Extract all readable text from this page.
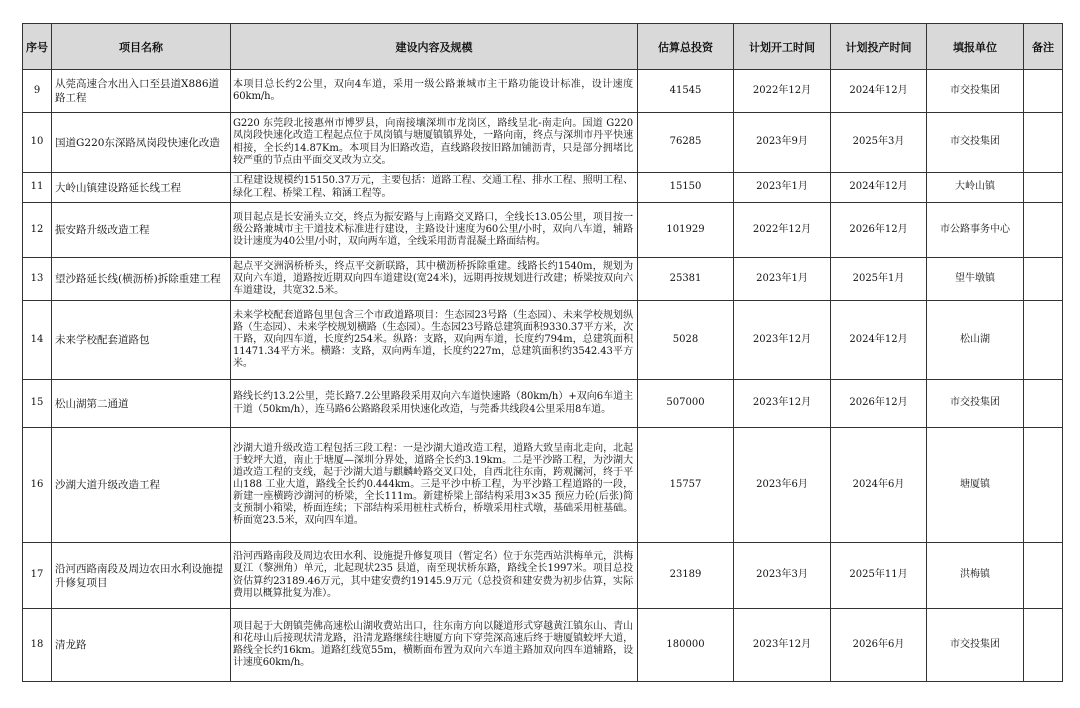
序号	项目名称	建设内容及规模	估算总投资	计划开工时间	计划投产时间	填报单位	备注
9	从莞高速合水出入口至县道X886道路工程	本项目总长约2公里，双向4车道，采用一级公路兼城市主干路功能设计标准，设计速度 60km/h。	41545	2022年12月	2024年12月	市交投集团	
10	国道G220东深路凤岗段快速化改造	G220 东莞段北接惠州市博罗县，向南接壤深圳市龙岗区，路线呈北-南走向。国道 G220 凤岗段快速化改造工程起点位于凤岗镇与塘厦镇镇界处，一路向南，终点与深圳市丹平快速相接，全长约14.87Km。本项目为旧路改造，直线路段按旧路加铺沥青，只是部分拥堵比较严重的节点由平面交叉改为立交。	76285	2023年9月	2025年3月	市交投集团	
11	大岭山镇建设路延长线工程	工程建设规模约15150.37万元，主要包括：道路工程、交通工程、排水工程、照明工程、绿化工程、桥梁工程、箱涵工程等。	15150	2023年1月	2024年12月	大岭山镇	
12	振安路升级改造工程	项目起点是长安涌头立交，终点为振安路与上南路交叉路口，全线长13.05公里，项目按一级公路兼城市主干道技术标准进行建设，主路设计速度为60公里/小时，双向八车道，辅路设计速度为40公里/小时，双向两车道，全线采用沥青混凝土路面结构。	101929	2022年12月	2026年12月	市公路事务中心	
13	望沙路延长线(横沥桥)拆除重建工程	起点平交洲涡桥桥头，终点平交新联路，其中横沥桥拆除重建。线路长约1540m，规划为双向六车道，道路按近期双向四车道建设(宽24米)，远期再按规划进行改建；桥梁按双向六车道建设，共宽32.5米。	25381	2023年1月	2025年1月	望牛墩镇	
14	未来学校配套道路包	未来学校配套道路包里包含三个市政道路项目：生态园23号路（生态园）、未来学校规划纵路（生态园）、未来学校规划横路（生态园）。生态园23号路总建筑面积9330.37平方米，次干路，双向四车道，长度约254米。纵路：支路，双向两车道，长度约794m，总建筑面积11471.34平方米。横路：支路，双向两车道，长度约227m，总建筑面积约3542.43平方米。	5028	2023年12月	2024年12月	松山湖	
15	松山湖第二通道	路线长约13.2公里，莞长路7.2公里路段采用双向六车道快速路（80km/h）+双向6车道主干道（50km/h），连马路6公路路段采用快速化改造，与莞番共线段4公里采用8车道。	507000	2023年12月	2026年12月	市交投集团	
16	沙湖大道升级改造工程	沙湖大道升级改造工程包括三段工程：一是沙湖大道改造工程，道路大致呈南北走向，北起于蛟坪大道，南止于塘厦—深圳分界处，道路全长约3.19km。二是平沙路工程，为沙湖大道改造工程的支线，起于沙湖大道与麒麟岭路交叉口处，自西北往东南，跨观澜河，终于平山188 工业大道，路线全长约0.444km。三是平沙中桥工程，为平沙路工程道路的一段，新建一座横跨沙湖河的桥梁，全长111m。新建桥梁上部结构采用3×35 预应力砼(后张)简支预制小箱梁，桥面连续；下部结构采用桩柱式桥台，桥墩采用柱式墩，基础采用桩基础。桥面宽23.5米，双向四车道。	15757	2023年6月	2024年6月	塘厦镇	
17	沿河西路南段及周边农田水利设施提升修复项目	沿河西路南段及周边农田水利、设施提升修复项目（暂定名）位于东莞西站洪梅单元，洪梅夏江（黎洲角）单元，北起现状235 县道，南至现状桥东路，路线全长1997米。项目总投资估算约23189.46万元，其中建安费约19145.9万元（总投资和建安费为初步估算，实际费用以概算批复为准）。	23189	2023年3月	2025年11月	洪梅镇	
18	清龙路	项目起于大朗镇莞佛高速松山湖收费站出口，往东南方向以隧道形式穿越黄江镇东山、青山和花母山后接现状清龙路，沿清龙路继续往塘厦方向下穿莞深高速后终于塘厦镇蛟坪大道，路线全长约16km。道路红线宽55m，横断面布置为双向六车道主路加双向四车道辅路，设计速度60km/h。	180000	2023年12月	2026年6月	市交投集团	
